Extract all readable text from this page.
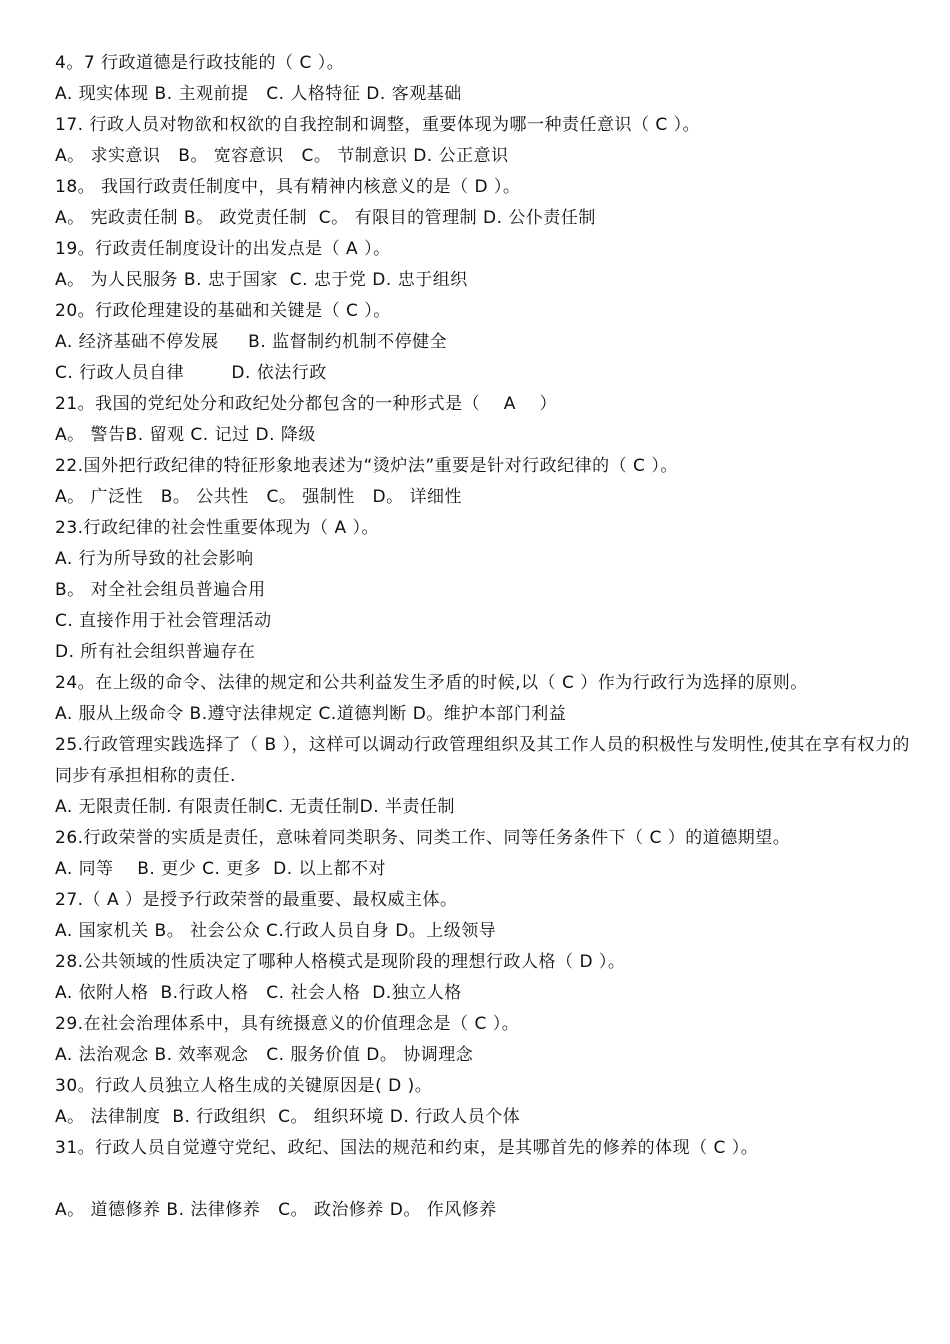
4。7 行政道德是行政技能的（ C ）。
A. 现实体现 B. 主观前提   C. 人格特征 D. 客观基础
17. 行政人员对物欲和权欲的自我控制和调整，重要体现为哪一种责任意识（ C ）。
A。 求实意识   B。 宽容意识   C。 节制意识 D. 公正意识
18。 我国行政责任制度中，具有精神内核意义的是（ D ）。
A。 宪政责任制 B。 政党责任制  C。 有限目的管理制 D. 公仆责任制
19。行政责任制度设计的出发点是（ A ）。
A。 为人民服务 B. 忠于国家  C. 忠于党 D. 忠于组织
20。行政伦理建设的基础和关键是（ C ）。
A. 经济基础不停发展     B. 监督制约机制不停健全
C. 行政人员自律        D. 依法行政
21。我国的党纪处分和政纪处分都包含的一种形式是（    A    ）
A。 警告B. 留观 C. 记过 D. 降级
22.国外把行政纪律的特征形象地表述为“烫炉法”重要是针对行政纪律的（ C ）。
A。 广泛性   B。 公共性   C。 强制性   D。 详细性
23.行政纪律的社会性重要体现为（ A ）。
A. 行为所导致的社会影响
B。 对全社会组员普遍合用
C. 直接作用于社会管理活动
D. 所有社会组织普遍存在
24。在上级的命令、法律的规定和公共利益发生矛盾的时候,以（ C ）作为行政行为选择的原则。
A. 服从上级命令 B.遵守法律规定 C.道德判断 D。维护本部门利益
25.行政管理实践选择了（ B ），这样可以调动行政管理组织及其工作人员的积极性与发明性,使其在享有权力的同步有承担相称的责任.
A. 无限责任制. 有限责任制C. 无责任制D. 半责任制
26.行政荣誉的实质是责任，意味着同类职务、同类工作、同等任务条件下（ C ）的道德期望。
A. 同等    B. 更少 C. 更多  D. 以上都不对
27.（ A ）是授予行政荣誉的最重要、最权威主体。
A. 国家机关 B。 社会公众 C.行政人员自身 D。上级领导
28.公共领域的性质决定了哪种人格模式是现阶段的理想行政人格（ D ）。
A. 依附人格  B.行政人格   C. 社会人格  D.独立人格
29.在社会治理体系中，具有统摄意义的价值理念是（ C ）。
A. 法治观念 B. 效率观念   C. 服务价值 D。 协调理念
30。行政人员独立人格生成的关键原因是( D )。
A。 法律制度  B. 行政组织  C。 组织环境 D. 行政人员个体
31。行政人员自觉遵守党纪、政纪、国法的规范和约束，是其哪首先的修养的体现（ C ）。
A。 道德修养 B. 法律修养   C。 政治修养 D。 作风修养
